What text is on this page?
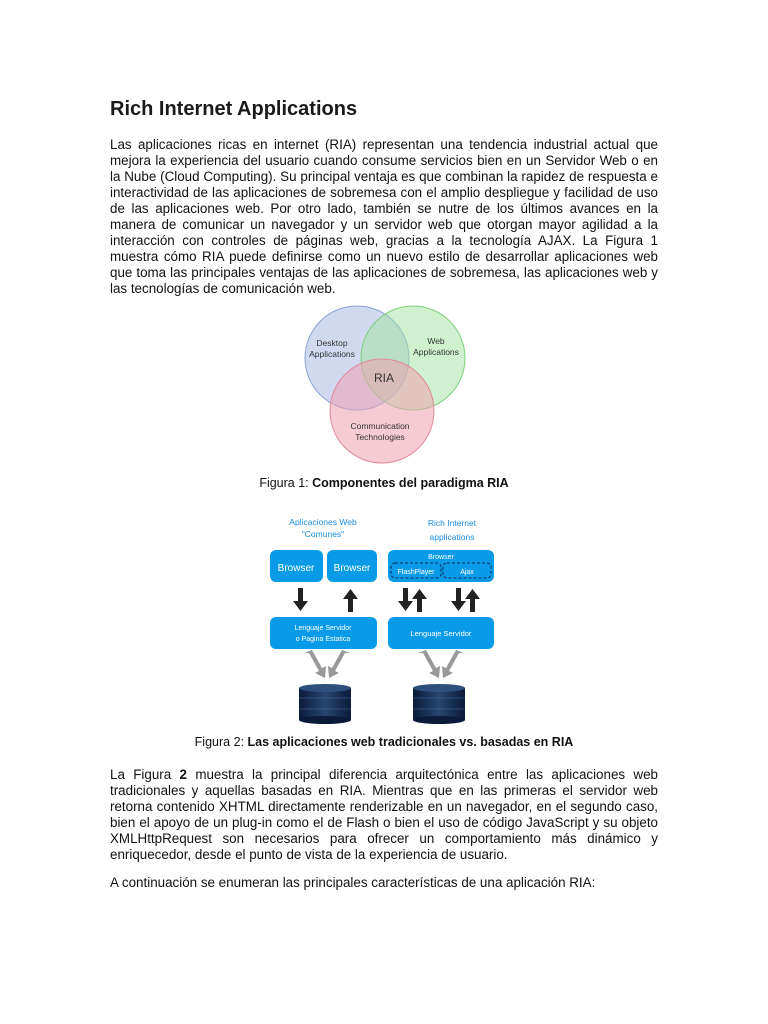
Rich Internet Applications

Las aplicaciones ricas en internet (RIA) representan una tendencia industrial actual que mejora la experiencia del usuario cuando consume servicios bien en un Servidor Web o en la Nube (Cloud Computing). Su principal ventaja es que combinan la rapidez de respuesta e interactividad de las aplicaciones de sobremesa con el amplio despliegue y facilidad de uso de las aplicaciones web. Por otro lado, también se nutre de los últimos avances en la manera de comunicar un navegador y un servidor web que otorgan mayor agilidad a la interacción con controles de páginas web, gracias a la tecnología AJAX. La Figura 1 muestra cómo RIA puede definirse como un nuevo estilo de desarrollar aplicaciones web que toma las principales ventajas de las aplicaciones de sobremesa, las aplicaciones web y las tecnologías de comunicación web.

Desktop
Applications
Web
Applications
RIA
Communication
Technologies
Figura 1: Componentes del paradigma RIA
Aplicaciones Web
"Comunes"
Rich Internet
applications
Browser Browser
Lenguaje Servidor
o Pagina Estatica
Browser
FlashPlayer	Ajax
Lenguaje Servidor
Figura 2: Las aplicaciones web tradicionales vs. basadas en RIA

La Figura 2 muestra la principal diferencia arquitectónica entre las aplicaciones web tradicionales y aquellas basadas en RIA. Mientras que en las primeras el servidor web retorna contenido XHTML directamente renderizable en un navegador, en el segundo caso, bien el apoyo de un plug-in como el de Flash o bien el uso de código JavaScript y su objeto XMLHttpRequest son necesarios para ofrecer un comportamiento más dinámico y enriquecedor, desde el punto de vista de la experiencia de usuario.

A continuación se enumeran las principales características de una aplicación RIA:
